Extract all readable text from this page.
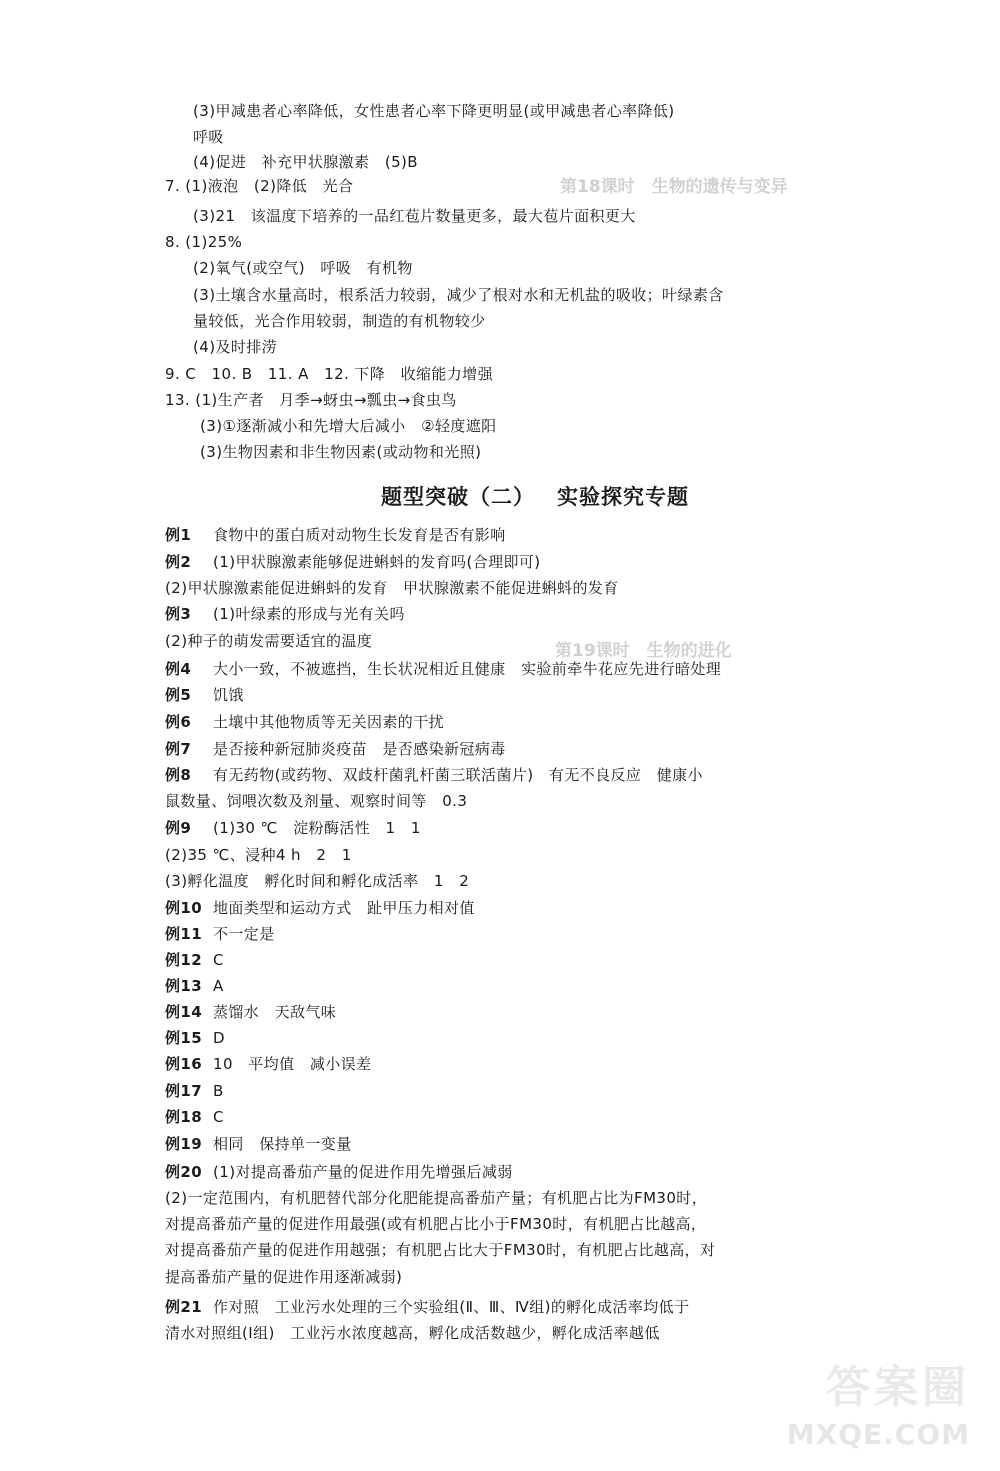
第18课时　生物的遗传与变异
第19课时　生物的进化
(3)甲减患者心率降低，女性患者心率下降更明显(或甲减患者心率降低)
呼吸
(4)促进　补充甲状腺激素　(5)B
7. (1)液泡　(2)降低　光合
(3)21　该温度下培养的一品红苞片数量更多，最大苞片面积更大
8. (1)25%
(2)氧气(或空气)　呼吸　有机物
(3)土壤含水量高时，根系活力较弱，减少了根对水和无机盐的吸收；叶绿素含
量较低，光合作用较弱，制造的有机物较少
(4)及时排涝
9. C　10. B　11. A　12. 下降　收缩能力增强
13. (1)生产者　月季→蚜虫→瓢虫→食虫鸟
(3)①逐渐减小和先增大后减小　②轻度遮阳
(3)生物因素和非生物因素(或动物和光照)
题型突破（二） 实验探究专题
例1 食物中的蛋白质对动物生长发育是否有影响
例2 (1)甲状腺激素能够促进蝌蚪的发育吗(合理即可)
(2)甲状腺激素能促进蝌蚪的发育　甲状腺激素不能促进蝌蚪的发育
例3 (1)叶绿素的形成与光有关吗
(2)种子的萌发需要适宜的温度
例4 大小一致，不被遮挡，生长状况相近且健康　实验前牵牛花应先进行暗处理
例5 饥饿
例6 土壤中其他物质等无关因素的干扰
例7 是否接种新冠肺炎疫苗　是否感染新冠病毒
例8 有无药物(或药物、双歧杆菌乳杆菌三联活菌片)　有无不良反应　健康小
鼠数量、饲喂次数及剂量、观察时间等　0.3
例9 (1)30 ℃　淀粉酶活性　1　1
(2)35 ℃、浸种4 h　2　1
(3)孵化温度　孵化时间和孵化成活率　1　2
例10 地面类型和运动方式　趾甲压力相对值
例11 不一定是
例12 C
例13 A
例14 蒸馏水　天敌气味
例15 D
例16 10　平均值　减小误差
例17 B
例18 C
例19 相同　保持单一变量
例20 (1)对提高番茄产量的促进作用先增强后减弱
(2)一定范围内，有机肥替代部分化肥能提高番茄产量；有机肥占比为FM30时，
对提高番茄产量的促进作用最强(或有机肥占比小于FM30时，有机肥占比越高，
对提高番茄产量的促进作用越强；有机肥占比大于FM30时，有机肥占比越高，对
提高番茄产量的促进作用逐渐减弱)
例21 作对照　工业污水处理的三个实验组(Ⅱ、Ⅲ、Ⅳ组)的孵化成活率均低于
清水对照组(Ⅰ组)　工业污水浓度越高，孵化成活数越少，孵化成活率越低
答案圈
MXQE.COM
